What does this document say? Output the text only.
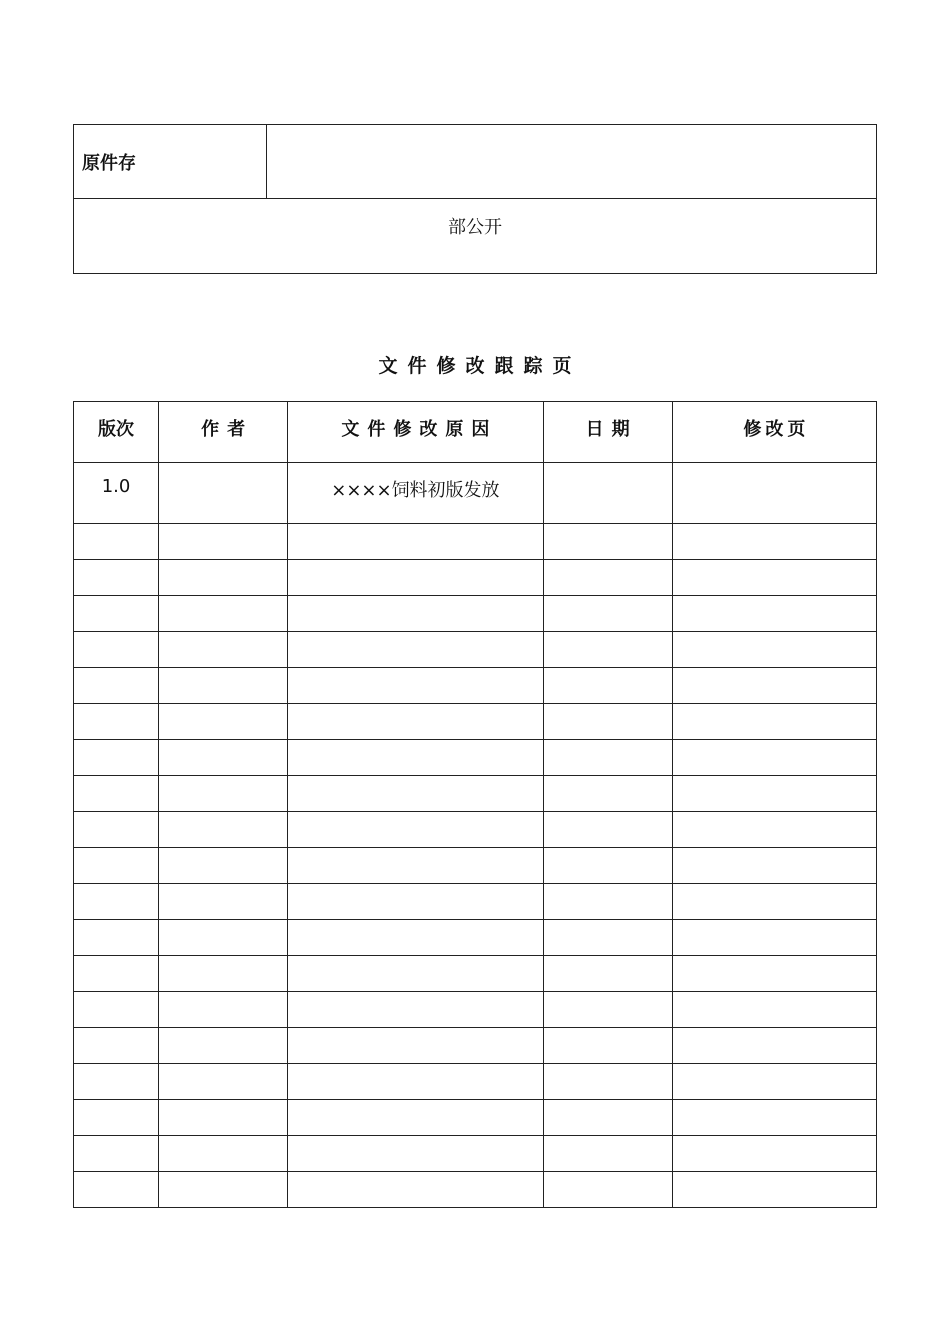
原件存	
部公开
文件修改跟踪页
版次	作者	文件修改原因	日期	修改页
1.0		××××饲料初版发放		
